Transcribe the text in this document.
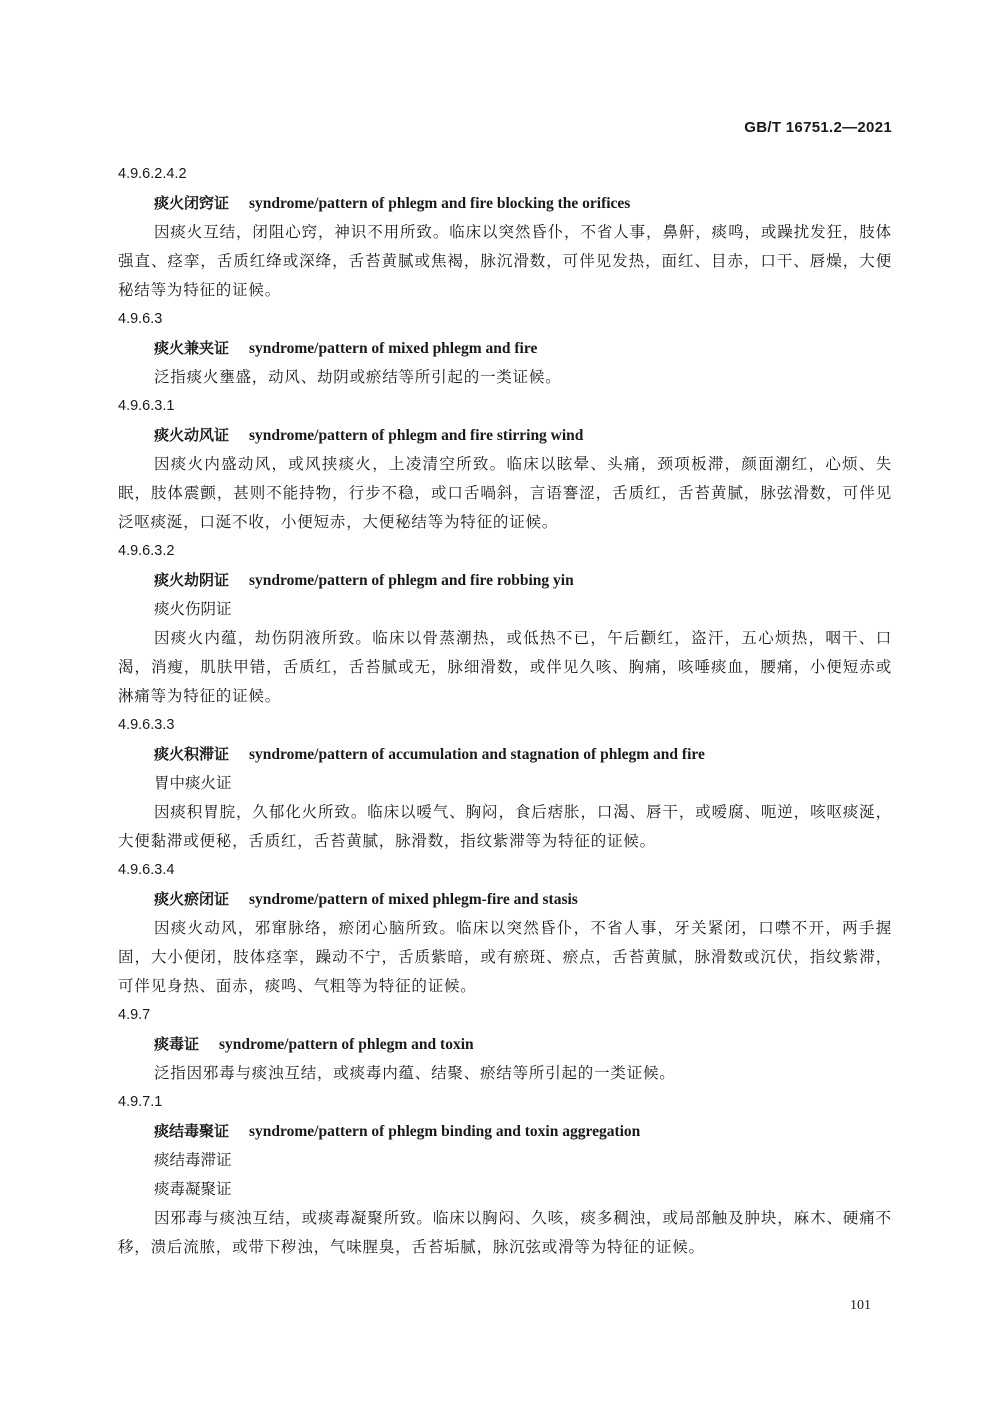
GB/T 16751.2—2021
4.9.6.2.4.2
痰火闭窍证 syndrome/pattern of phlegm and fire blocking the orifices

因痰火互结，闭阻心窍，神识不用所致。临床以突然昏仆，不省人事，鼻鼾，痰鸣，或躁扰发狂，肢体强直、痉挛，舌质红绛或深绛，舌苔黄腻或焦褐，脉沉滑数，可伴见发热，面红、目赤，口干、唇燥，大便秘结等为特征的证候。

4.9.6.3
痰火兼夹证 syndrome/pattern of mixed phlegm and fire

泛指痰火壅盛，动风、劫阴或瘀结等所引起的一类证候。

4.9.6.3.1
痰火动风证 syndrome/pattern of phlegm and fire stirring wind

因痰火内盛动风，或风挟痰火，上凌清空所致。临床以眩晕、头痛，颈项板滞，颜面潮红，心烦、失眠，肢体震颤，甚则不能持物，行步不稳，或口舌喎斜，言语謇涩，舌质红，舌苔黄腻，脉弦滑数，可伴见泛呕痰涎，口涎不收，小便短赤，大便秘结等为特征的证候。

4.9.6.3.2
痰火劫阴证 syndrome/pattern of phlegm and fire robbing yin
痰火伤阴证

因痰火内蕴，劫伤阴液所致。临床以骨蒸潮热，或低热不已，午后颧红，盗汗，五心烦热，咽干、口渴，消瘦，肌肤甲错，舌质红，舌苔腻或无，脉细滑数，或伴见久咳、胸痛，咳唾痰血，腰痛，小便短赤或淋痛等为特征的证候。

4.9.6.3.3
痰火积滞证 syndrome/pattern of accumulation and stagnation of phlegm and fire
胃中痰火证

因痰积胃脘，久郁化火所致。临床以嗳气、胸闷，食后痞胀，口渴、唇干，或嗳腐、呃逆，咳呕痰涎，大便黏滞或便秘，舌质红，舌苔黄腻，脉滑数，指纹紫滞等为特征的证候。

4.9.6.3.4
痰火瘀闭证 syndrome/pattern of mixed phlegm-fire and stasis

因痰火动风，邪窜脉络，瘀闭心脑所致。临床以突然昏仆，不省人事，牙关紧闭，口噤不开，两手握固，大小便闭，肢体痉挛，躁动不宁，舌质紫暗，或有瘀斑、瘀点，舌苔黄腻，脉滑数或沉伏，指纹紫滞，可伴见身热、面赤，痰鸣、气粗等为特征的证候。

4.9.7
痰毒证 syndrome/pattern of phlegm and toxin

泛指因邪毒与痰浊互结，或痰毒内蕴、结聚、瘀结等所引起的一类证候。

4.9.7.1
痰结毒聚证 syndrome/pattern of phlegm binding and toxin aggregation
痰结毒滞证
痰毒凝聚证

因邪毒与痰浊互结，或痰毒凝聚所致。临床以胸闷、久咳，痰多稠浊，或局部触及肿块，麻木、硬痛不移，溃后流脓，或带下秽浊，气味腥臭，舌苔垢腻，脉沉弦或滑等为特征的证候。

101
